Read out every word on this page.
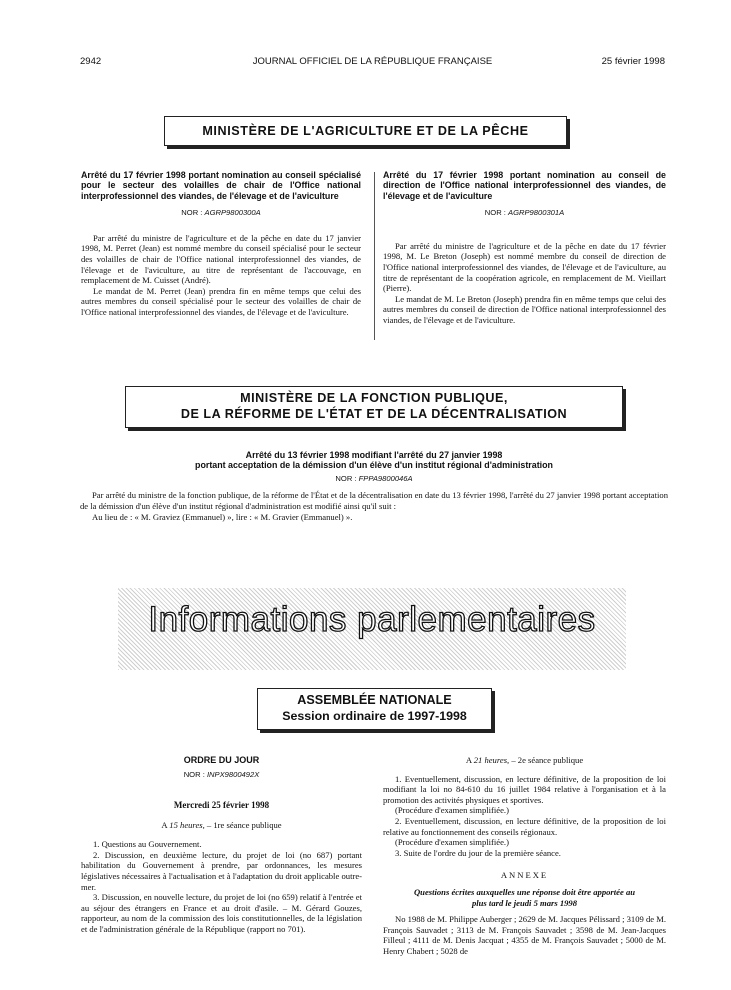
2942	JOURNAL OFFICIEL DE LA RÉPUBLIQUE FRANÇAISE	25 février 1998
MINISTÈRE DE L'AGRICULTURE ET DE LA PÊCHE

Arrêté du 17 février 1998 portant nomination au conseil spécialisé pour le secteur des volailles de chair de l'Office national interprofessionnel des viandes, de l'élevage et de l'aviculture

NOR : AGRP9800300A

Par arrêté du ministre de l'agriculture et de la pêche en date du 17 janvier 1998, M. Perret (Jean) est nommé membre du conseil spécialisé pour le secteur des volailles de chair de l'Office national interprofessionnel des viandes, de l'élevage et de l'aviculture, au titre de représentant de l'accouvage, en remplacement de M. Cuisset (André).

Le mandat de M. Perret (Jean) prendra fin en même temps que celui des autres membres du conseil spécialisé pour le secteur des volailles de chair de l'Office national interprofessionnel des viandes, de l'élevage et de l'aviculture.

Arrêté du 17 février 1998 portant nomination au conseil de direction de l'Office national interprofessionnel des viandes, de l'élevage et de l'aviculture

NOR : AGRP9800301A

Par arrêté du ministre de l'agriculture et de la pêche en date du 17 février 1998, M. Le Breton (Joseph) est nommé membre du conseil de direction de l'Office national interprofessionnel des viandes, de l'élevage et de l'aviculture, au titre de représentant de la coopération agricole, en remplacement de M. Vieillart (Pierre).

Le mandat de M. Le Breton (Joseph) prendra fin en même temps que celui des autres membres du conseil de direction de l'Office national interprofessionnel des viandes, de l'élevage et de l'aviculture.

MINISTÈRE DE LA FONCTION PUBLIQUE,
DE LA RÉFORME DE L'ÉTAT ET DE LA DÉCENTRALISATION

Arrêté du 13 février 1998 modifiant l'arrêté du 27 janvier 1998

portant acceptation de la démission d'un élève d'un institut régional d'administration

NOR : FPPA9800046A

Par arrêté du ministre de la fonction publique, de la réforme de l'État et de la décentralisation en date du 13 février 1998, l'arrêté du 27 janvier 1998 portant acceptation de la démission d'un élève d'un institut régional d'administration est modifié ainsi qu'il suit :

Au lieu de : « M. Graviez (Emmanuel) », lire : « M. Gravier (Emmanuel) ».

Informations parlementaires
ASSEMBLÉE NATIONALE
Session ordinaire de 1997-1998
ORDRE DU JOUR
NOR : INPX9800492X

Mercredi 25 février 1998

A 15 heures, – 1re séance publique

1. Questions au Gouvernement.

2. Discussion, en deuxième lecture, du projet de loi (no 687) portant habilitation du Gouvernement à prendre, par ordonnances, les mesures législatives nécessaires à l'actualisation et à l'adaptation du droit applicable outre-mer.

3. Discussion, en nouvelle lecture, du projet de loi (no 659) relatif à l'entrée et au séjour des étrangers en France et au droit d'asile. – M. Gérard Gouzes, rapporteur, au nom de la commission des lois constitutionnelles, de la législation et de l'administration générale de la République (rapport no 701).

A 21 heures, – 2e séance publique

1. Eventuellement, discussion, en lecture définitive, de la proposition de loi modifiant la loi no 84-610 du 16 juillet 1984 relative à l'organisation et à la promotion des activités physiques et sportives.

(Procédure d'examen simplifiée.)

2. Eventuellement, discussion, en lecture définitive, de la proposition de loi relative au fonctionnement des conseils régionaux.

(Procédure d'examen simplifiée.)

3. Suite de l'ordre du jour de la première séance.

ANNEXE

Questions écrites auxquelles une réponse doit être apportée au plus tard le jeudi 5 mars 1998

No 1988 de M. Philippe Auberger ; 2629 de M. Jacques Pélissard ; 3109 de M. François Sauvadet ; 3113 de M. François Sauvadet ; 3598 de M. Jean-Jacques Filleul ; 4111 de M. Denis Jacquat ; 4355 de M. François Sauvadet ; 5000 de M. Henry Chabert ; 5028 de
